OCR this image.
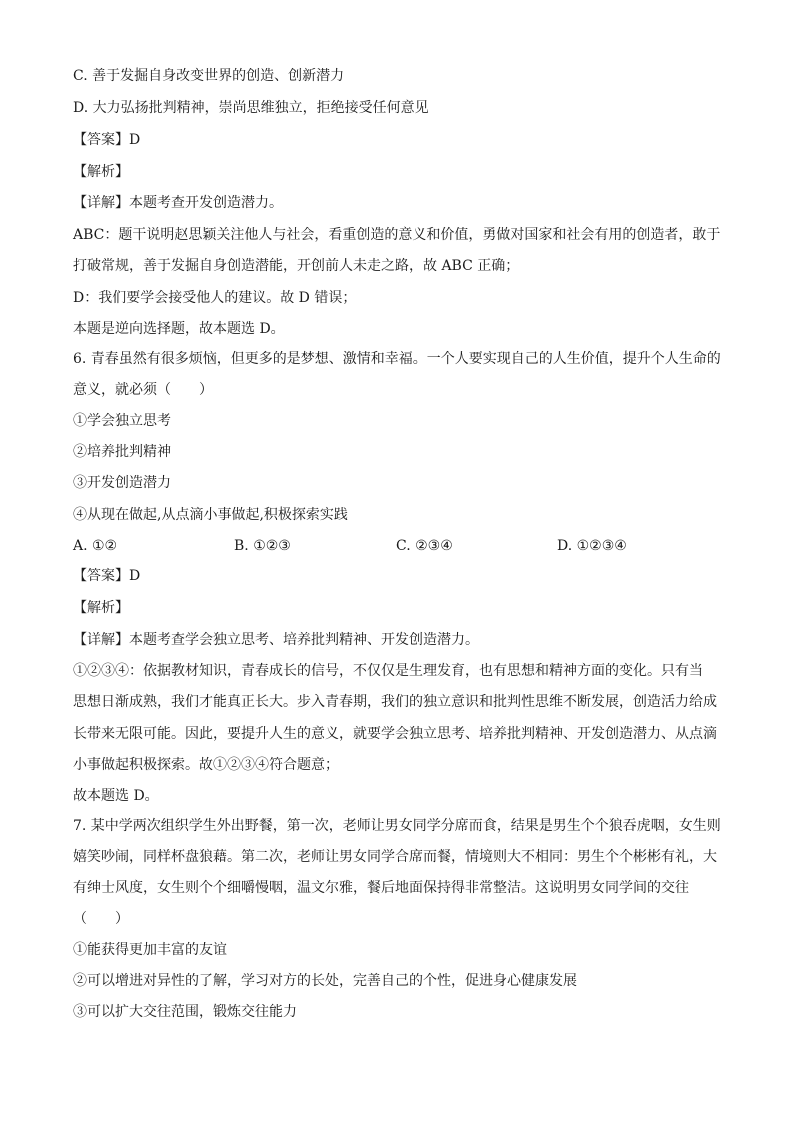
C. 善于发掘自身改变世界的创造、创新潜力
D. 大力弘扬批判精神，崇尚思维独立，拒绝接受任何意见
【答案】D
【解析】
【详解】本题考查开发创造潜力。
ABC：题干说明赵思颖关注他人与社会，看重创造的意义和价值，勇做对国家和社会有用的创造者，敢于
打破常规，善于发掘自身创造潜能，开创前人未走之路，故 ABC 正确；
D：我们要学会接受他人的建议。故 D 错误；
本题是逆向选择题，故本题选 D。
6. 青春虽然有很多烦恼，但更多的是梦想、激情和幸福。一个人要实现自己的人生价值，提升个人生命的
意义，就必须（　　）
①学会独立思考
②培养批判精神
③开发创造潜力
④从现在做起,从点滴小事做起,积极探索实践
A. ①②	B. ①②③	C. ②③④	D. ①②③④
【答案】D
【解析】
【详解】本题考查学会独立思考、培养批判精神、开发创造潜力。
①②③④：依据教材知识，青春成长的信号，不仅仅是生理发育，也有思想和精神方面的变化。只有当
思想日渐成熟，我们才能真正长大。步入青春期，我们的独立意识和批判性思维不断发展，创造活力给成
长带来无限可能。因此，要提升人生的意义，就要学会独立思考、培养批判精神、开发创造潜力、从点滴
小事做起积极探索。故①②③④符合题意；
故本题选 D。
7. 某中学两次组织学生外出野餐，第一次，老师让男女同学分席而食，结果是男生个个狼吞虎咽，女生则
嬉笑吵闹，同样杯盘狼藉。第二次，老师让男女同学合席而餐，情境则大不相同：男生个个彬彬有礼，大
有绅士风度，女生则个个细嚼慢咽，温文尔雅，餐后地面保持得非常整洁。这说明男女同学间的交往
（　　）
①能获得更加丰富的友谊
②可以增进对异性的了解，学习对方的长处，完善自己的个性，促进身心健康发展
③可以扩大交往范围，锻炼交往能力
